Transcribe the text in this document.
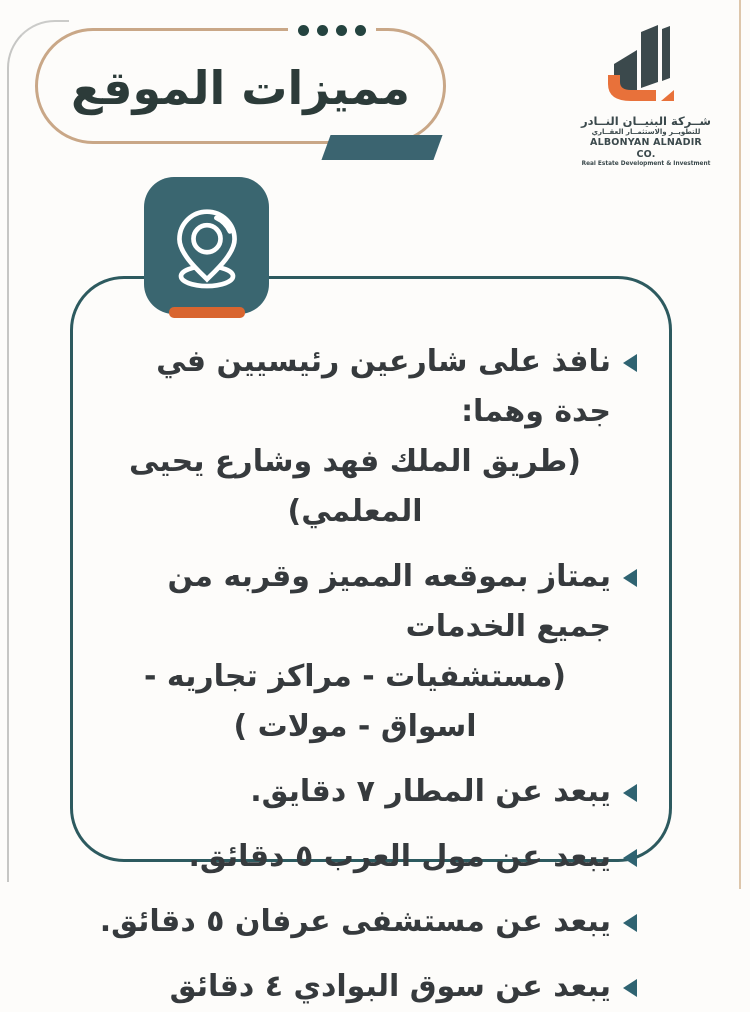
مميزات الموقع
شــركة البنيــان النــادر
للتطويــر والاستثمــار العقــاري
ALBONYAN ALNADIR CO.
Real Estate Development & Investment
نافذ على شارعين رئيسيين في جدة وهما:
(طريق الملك فهد وشارع يحيى المعلمي)
يمتاز بموقعه المميز وقربه من جميع الخدمات
(مستشفيات - مراكز تجاريه - اسواق - مولات )
يبعد عن المطار ٧ دقايق.
يبعد عن مول العرب ٥ دقائق.
يبعد عن مستشفى عرفان ٥ دقائق.
يبعد عن سوق البوادي ٤ دقائق
